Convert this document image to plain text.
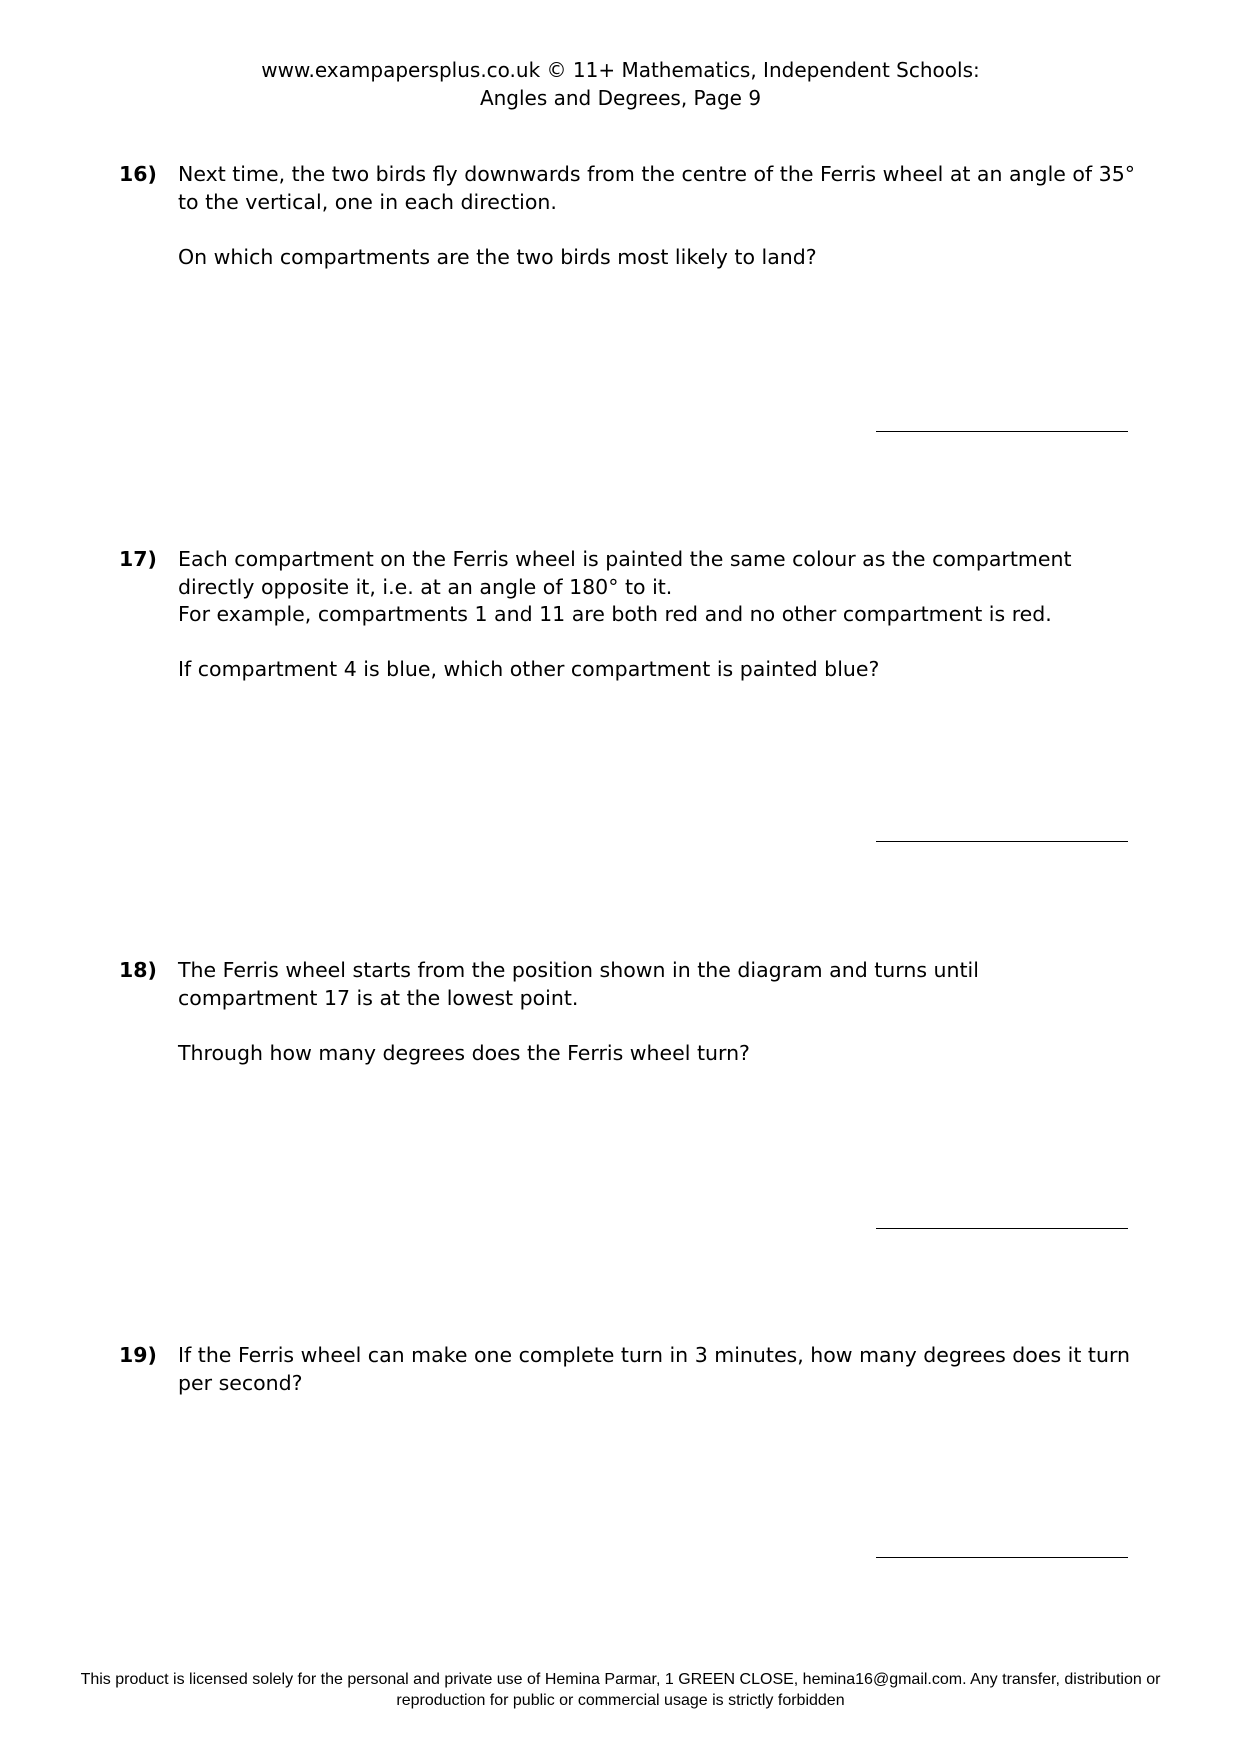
www.exampapersplus.co.uk © 11+ Mathematics, Independent Schools:
Angles and Degrees, Page 9
16) Next time, the two birds fly downwards from the centre of the Ferris wheel at an angle of 35° to the vertical, one in each direction.

On which compartments are the two birds most likely to land?

17) Each compartment on the Ferris wheel is painted the same colour as the compartment directly opposite it, i.e. at an angle of 180° to it.
For example, compartments 1 and 11 are both red and no other compartment is red.

If compartment 4 is blue, which other compartment is painted blue?

18) The Ferris wheel starts from the position shown in the diagram and turns until compartment 17 is at the lowest point.

Through how many degrees does the Ferris wheel turn?

19) If the Ferris wheel can make one complete turn in 3 minutes, how many degrees does it turn per second?

This product is licensed solely for the personal and private use of Hemina Parmar, 1 GREEN CLOSE, hemina16@gmail.com. Any transfer, distribution or
reproduction for public or commercial usage is strictly forbidden
